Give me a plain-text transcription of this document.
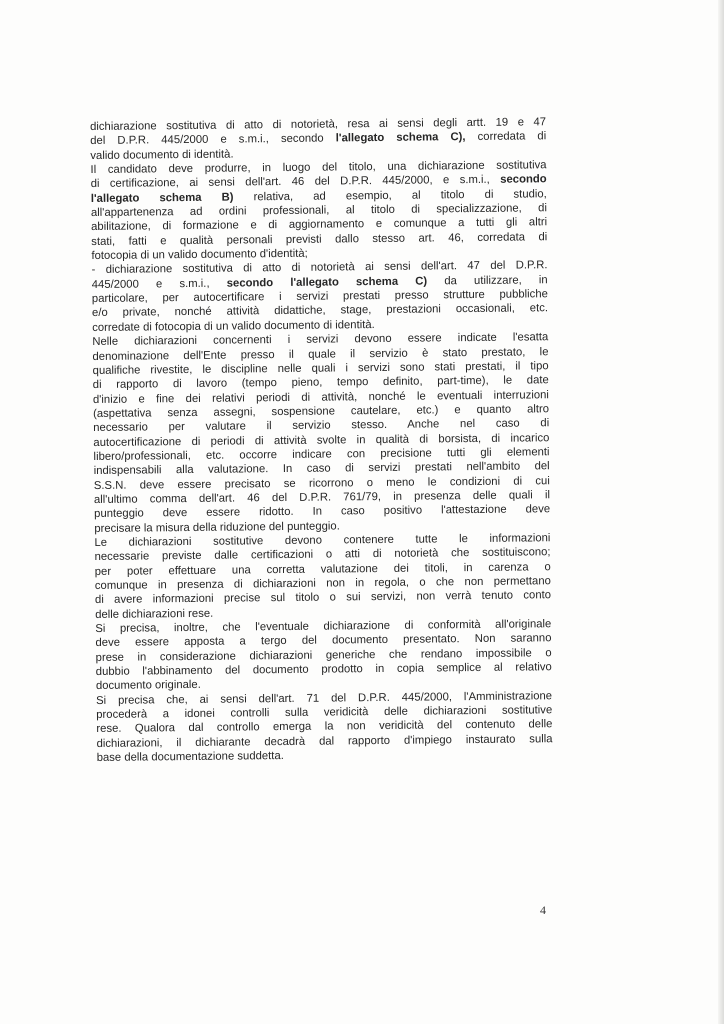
dichiarazione sostitutiva di atto di notorietà, resa ai sensi degli artt. 19 e 47
del D.P.R. 445/2000 e s.m.i., secondo l'allegato schema C), corredata di
valido documento di identità.
Il candidato deve produrre, in luogo del titolo, una dichiarazione sostitutiva
di certificazione, ai sensi dell'art. 46 del D.P.R. 445/2000, e s.m.i., secondo
l'allegato schema B) relativa, ad esempio, al titolo di studio,
all'appartenenza ad ordini professionali, al titolo di specializzazione, di
abilitazione, di formazione e di aggiornamento e comunque a tutti gli altri
stati, fatti e qualità personali previsti dallo stesso art. 46, corredata di
fotocopia di un valido documento d'identità;
- dichiarazione sostitutiva di atto di notorietà ai sensi dell'art. 47 del D.P.R.
445/2000 e s.m.i., secondo l'allegato schema C) da utilizzare, in
particolare, per autocertificare i servizi prestati presso strutture pubbliche
e/o private, nonché attività didattiche, stage, prestazioni occasionali, etc.
corredate di fotocopia di un valido documento di identità.
Nelle dichiarazioni concernenti i servizi devono essere indicate l'esatta
denominazione dell'Ente presso il quale il servizio è stato prestato, le
qualifiche rivestite, le discipline nelle quali i servizi sono stati prestati, il tipo
di rapporto di lavoro (tempo pieno, tempo definito, part-time), le date
d'inizio e fine dei relativi periodi di attività, nonché le eventuali interruzioni
(aspettativa senza assegni, sospensione cautelare, etc.) e quanto altro
necessario per valutare il servizio stesso. Anche nel caso di
autocertificazione di periodi di attività svolte in qualità di borsista, di incarico
libero/professionali, etc. occorre indicare con precisione tutti gli elementi
indispensabili alla valutazione. In caso di servizi prestati nell'ambito del
S.S.N. deve essere precisato se ricorrono o meno le condizioni di cui
all'ultimo comma dell'art. 46 del D.P.R. 761/79, in presenza delle quali il
punteggio deve essere ridotto. In caso positivo l'attestazione deve
precisare la misura della riduzione del punteggio.
Le dichiarazioni sostitutive devono contenere tutte le informazioni
necessarie previste dalle certificazioni o atti di notorietà che sostituiscono;
per poter effettuare una corretta valutazione dei titoli, in carenza o
comunque in presenza di dichiarazioni non in regola, o che non permettano
di avere informazioni precise sul titolo o sui servizi, non verrà tenuto conto
delle dichiarazioni rese.
Si precisa, inoltre, che l'eventuale dichiarazione di conformità all'originale
deve essere apposta a tergo del documento presentato. Non saranno
prese in considerazione dichiarazioni generiche che rendano impossibile o
dubbio l'abbinamento del documento prodotto in copia semplice al relativo
documento originale.
Si precisa che, ai sensi dell'art. 71 del D.P.R. 445/2000, l'Amministrazione
procederà a idonei controlli sulla veridicità delle dichiarazioni sostitutive
rese. Qualora dal controllo emerga la non veridicità del contenuto delle
dichiarazioni, il dichiarante decadrà dal rapporto d'impiego instaurato sulla
base della documentazione suddetta.
4
